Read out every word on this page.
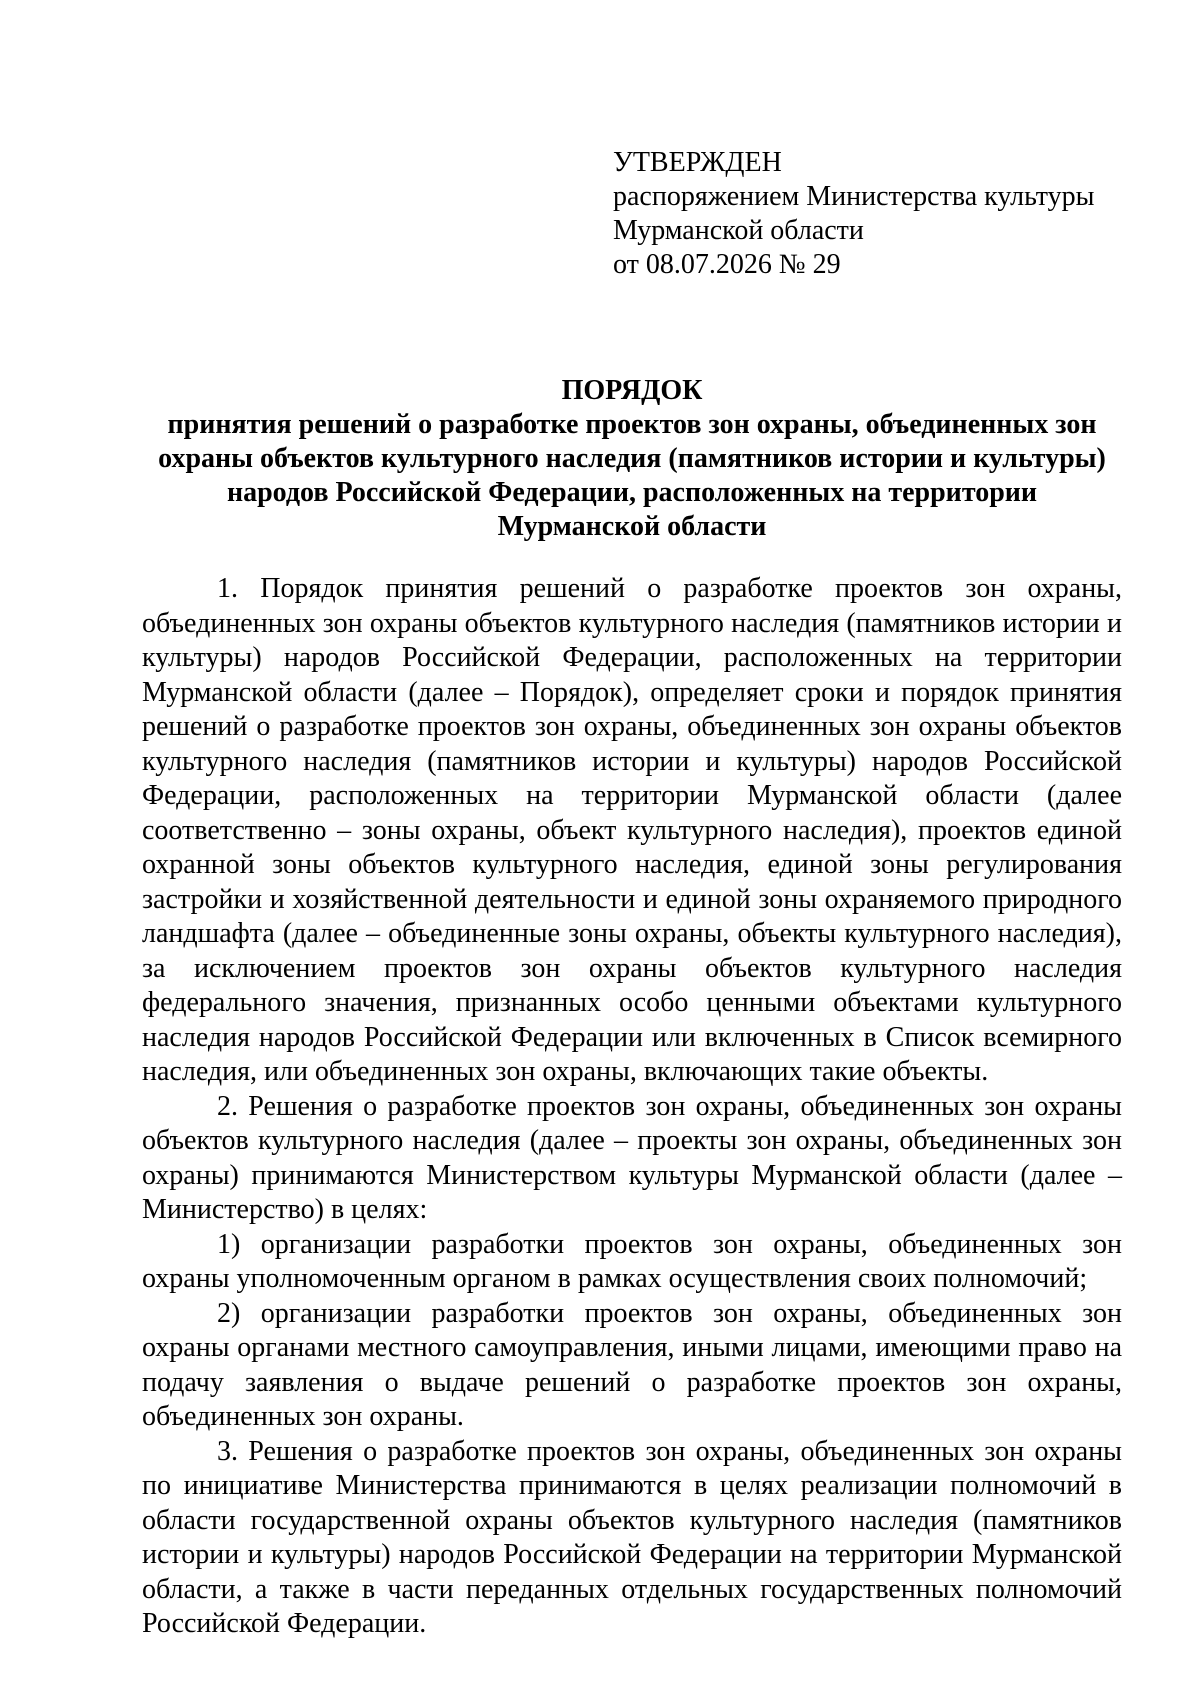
УТВЕРЖДЕН
распоряжением Министерства культуры
Мурманской области
от 08.07.2026 № 29
ПОРЯДОК
принятия решений о разработке проектов зон охраны, объединенных зон
охраны объектов культурного наследия (памятников истории и культуры)
народов Российской Федерации, расположенных на территории
Мурманской области

1. Порядок принятия решений о разработке проектов зон охраны, объединенных зон охраны объектов культурного наследия (памятников истории и культуры) народов Российской Федерации, расположенных на территории Мурманской области (далее – Порядок), определяет сроки и порядок принятия решений о разработке проектов зон охраны, объединенных зон охраны объектов культурного наследия (памятников истории и культуры) народов Российской Федерации, расположенных на территории Мурманской области (далее соответственно – зоны охраны, объект культурного наследия), проектов единой охранной зоны объектов культурного наследия, единой зоны регулирования застройки и хозяйственной деятельности и единой зоны охраняемого природного ландшафта (далее – объединенные зоны охраны, объекты культурного наследия), за исключением проектов зон охраны объектов культурного наследия федерального значения, признанных особо ценными объектами культурного наследия народов Российской Федерации или включенных в Список всемирного наследия, или объединенных зон охраны, включающих такие объекты.

2. Решения о разработке проектов зон охраны, объединенных зон охраны объектов культурного наследия (далее – проекты зон охраны, объединенных зон охраны) принимаются Министерством культуры Мурманской области (далее – Министерство) в целях:

1) организации разработки проектов зон охраны, объединенных зон охраны уполномоченным органом в рамках осуществления своих полномочий;

2) организации разработки проектов зон охраны, объединенных зон охраны органами местного самоуправления, иными лицами, имеющими право на подачу заявления о выдаче решений о разработке проектов зон охраны, объединенных зон охраны.

3. Решения о разработке проектов зон охраны, объединенных зон охраны по инициативе Министерства принимаются в целях реализации полномочий в области государственной охраны объектов культурного наследия (памятников истории и культуры) народов Российской Федерации на территории Мурманской области, а также в части переданных отдельных государственных полномочий Российской Федерации.
